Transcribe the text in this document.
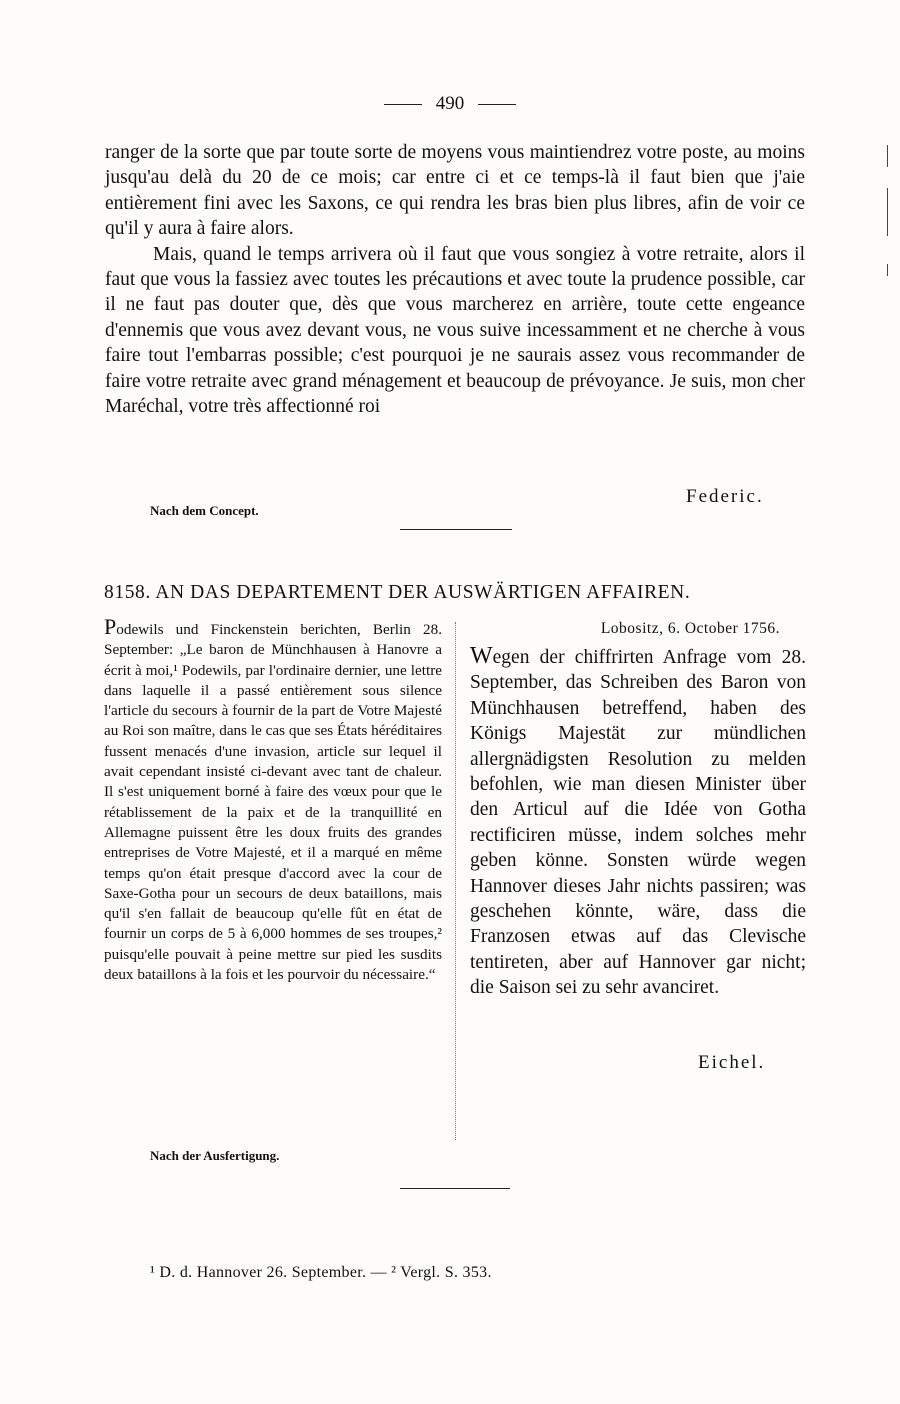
490

ranger de la sorte que par toute sorte de moyens vous maintiendrez votre poste, au moins jusqu'au delà du 20 de ce mois; car entre ci et ce temps-là il faut bien que j'aie entièrement fini avec les Saxons, ce qui rendra les bras bien plus libres, afin de voir ce qu'il y aura à faire alors.

Mais, quand le temps arrivera où il faut que vous songiez à votre retraite, alors il faut que vous la fassiez avec toutes les précautions et avec toute la prudence possible, car il ne faut pas douter que, dès que vous marcherez en arrière, toute cette engeance d'ennemis que vous avez devant vous, ne vous suive incessamment et ne cherche à vous faire tout l'embarras possible; c'est pourquoi je ne saurais assez vous recommander de faire votre retraite avec grand ménagement et beaucoup de prévoyance. Je suis, mon cher Maréchal, votre très affectionné roi

Federic.
Nach dem Concept.
8158. AN DAS DEPARTEMENT DER AUSWÄRTIGEN AFFAIREN.
Podewils und Finckenstein berichten, Berlin 28. September: „Le baron de Münchhausen à Hanovre a écrit à moi,¹ Podewils, par l'ordinaire dernier, une lettre dans laquelle il a passé entièrement sous silence l'article du secours à fournir de la part de Votre Majesté au Roi son maître, dans le cas que ses États héréditaires fussent menacés d'une invasion, article sur lequel il avait cependant insisté ci-devant avec tant de chaleur. Il s'est uniquement borné à faire des vœux pour que le rétablissement de la paix et de la tranquillité en Allemagne puissent être les doux fruits des grandes entreprises de Votre Majesté, et il a marqué en même temps qu'on était presque d'accord avec la cour de Saxe-Gotha pour un secours de deux bataillons, mais qu'il s'en fallait de beaucoup qu'elle fût en état de fournir un corps de 5 à 6,000 hommes de ses troupes,² puisqu'elle pouvait à peine mettre sur pied les susdits deux bataillons à la fois et les pourvoir du nécessaire.“
Lobositz, 6. October 1756.
Wegen der chiffrirten Anfrage vom 28. September, das Schreiben des Baron von Münchhausen betreffend, haben des Königs Majestät zur mündlichen allergnädigsten Resolution zu melden befohlen, wie man diesen Minister über den Articul auf die Idée von Gotha rectificiren müsse, indem solches mehr geben könne. Sonsten würde wegen Hannover dieses Jahr nichts passiren; was geschehen könnte, wäre, dass die Franzosen etwas auf das Clevische tentireten, aber auf Hannover gar nicht; die Saison sei zu sehr avanciret.
Eichel.
Nach der Ausfertigung.
¹ D. d. Hannover 26. September. — ² Vergl. S. 353.
